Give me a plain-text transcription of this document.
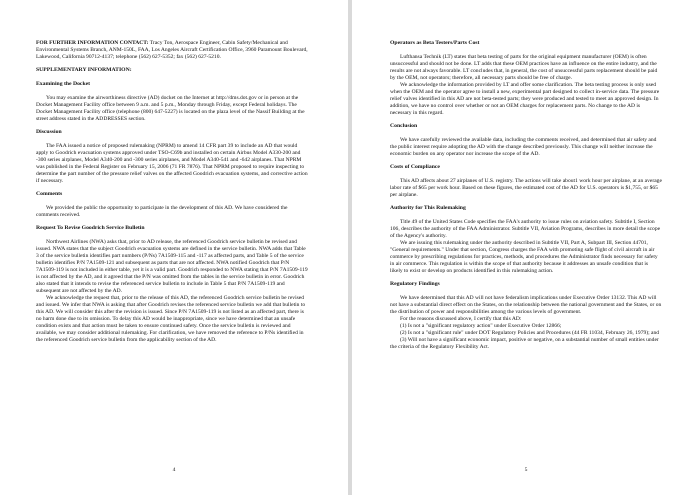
FOR FURTHER INFORMATION CONTACT: Tracy Ton, Aerospace Engineer, Cabin Safety/Mechanical and Environmental Systems Branch, ANM-150L, FAA, Los Angeles Aircraft Certification Office, 3960 Paramount Boulevard, Lakewood, California 90712-4137; telephone (562) 627-5352; fax (562) 627-5210.

SUPPLEMENTARY INFORMATION:
Examining the Docket

You may examine the airworthiness directive (AD) docket on the Internet at http://dms.dot.gov or in person at the Docket Management Facility office between 9 a.m. and 5 p.m., Monday through Friday, except Federal holidays. The Docket Management Facility office (telephone (800) 647-5227) is located on the plaza level of the Nassif Building at the street address stated in the ADDRESSES section.

Discussion

The FAA issued a notice of proposed rulemaking (NPRM) to amend 14 CFR part 39 to include an AD that would apply to Goodrich evacuation systems approved under TSO-C69b and installed on certain Airbus Model A330-200 and -300 series airplanes, Model A340-200 and -300 series airplanes, and Model A340-541 and -642 airplanes. That NPRM was published in the Federal Register on February 15, 2006 (71 FR 7876). That NPRM proposed to require inspecting to determine the part number of the pressure relief valves on the affected Goodrich evacuation systems, and corrective action if necessary.

Comments

We provided the public the opportunity to participate in the development of this AD. We have considered the comments received.

Request To Revise Goodrich Service Bulletin

Northwest Airlines (NWA) asks that, prior to AD release, the referenced Goodrich service bulletin be revised and issued. NWA states that the subject Goodrich evacuation systems are defined in the service bulletin. NWA adds that Table 3 of the service bulletin identifies part numbers (P/Ns) 7A1509-115 and -117 as affected parts, and Table 5 of the service bulletin identifies P/N 7A1509-121 and subsequent as parts that are not affected. NWA notified Goodrich that P/N 7A1509-119 is not included in either table, yet it is a valid part. Goodrich responded to NWA stating that P/N 7A1509-119 is not affected by the AD, and it agreed that the P/N was omitted from the tables in the service bulletin in error. Goodrich also stated that it intends to revise the referenced service bulletin to include in Table 5 that P/N 7A1509-119 and subsequent are not affected by the AD.

We acknowledge the request that, prior to the release of this AD, the referenced Goodrich service bulletin be revised and issued. We infer that NWA is asking that after Goodrich revises the referenced service bulletin we add that bulletin to this AD. We will consider this after the revision is issued. Since P/N 7A1509-119 is not listed as an affected part, there is no harm done due to its omission. To delay this AD would be inappropriate, since we have determined that an unsafe condition exists and that action must be taken to ensure continued safety. Once the service bulletin is reviewed and available, we may consider additional rulemaking. For clarification, we have removed the reference to P/Ns identified in the referenced Goodrich service bulletin from the applicability section of the AD.

4
Operators as Beta Testers/Parts Cost

Lufthansa Technik (LT) states that beta testing of parts for the original equipment manufacturer (OEM) is often unsuccessful and should not be done. LT adds that these OEM practices have an influence on the entire industry, and the results are not always favorable. LT concludes that, in general, the cost of unsuccessful parts replacement should be paid by the OEM, not operators; therefore, all necessary parts should be free of charge.

We acknowledge the information provided by LT and offer some clarification. The beta testing process is only used when the OEM and the operator agree to install a new, experimental part designed to collect in-service data. The pressure relief valves identified in this AD are not beta-tested parts; they were produced and tested to meet an approved design. In addition, we have no control over whether or not an OEM charges for replacement parts. No change to the AD is necessary in this regard.

Conclusion

We have carefully reviewed the available data, including the comments received, and determined that air safety and the public interest require adopting the AD with the change described previously. This change will neither increase the economic burden on any operator nor increase the scope of the AD.

Costs of Compliance

This AD affects about 27 airplanes of U.S. registry. The actions will take about1 work hour per airplane, at an average labor rate of $65 per work hour. Based on these figures, the estimated cost of the AD for U.S. operators is $1,755, or $65 per airplane.

Authority for This Rulemaking

Title 49 of the United States Code specifies the FAA's authority to issue rules on aviation safety. Subtitle I, Section 106, describes the authority of the FAA Administrator. Subtitle VII, Aviation Programs, describes in more detail the scope of the Agency's authority.

We are issuing this rulemaking under the authority described in Subtitle VII, Part A, Subpart III, Section 44701, "General requirements." Under that section, Congress charges the FAA with promoting safe flight of civil aircraft in air commerce by prescribing regulations for practices, methods, and procedures the Administrator finds necessary for safety in air commerce. This regulation is within the scope of that authority because it addresses an unsafe condition that is likely to exist or develop on products identified in this rulemaking action.

Regulatory Findings

We have determined that this AD will not have federalism implications under Executive Order 13132. This AD will not have a substantial direct effect on the States, on the relationship between the national government and the States, or on the distribution of power and responsibilities among the various levels of government.

For the reasons discussed above, I certify that this AD:

(1) Is not a "significant regulatory action" under Executive Order 12866;

(2) Is not a "significant rule" under DOT Regulatory Policies and Procedures (44 FR 11034, February 26, 1979); and

(3) Will not have a significant economic impact, positive or negative, on a substantial number of small entities under the criteria of the Regulatory Flexibility Act.

5
